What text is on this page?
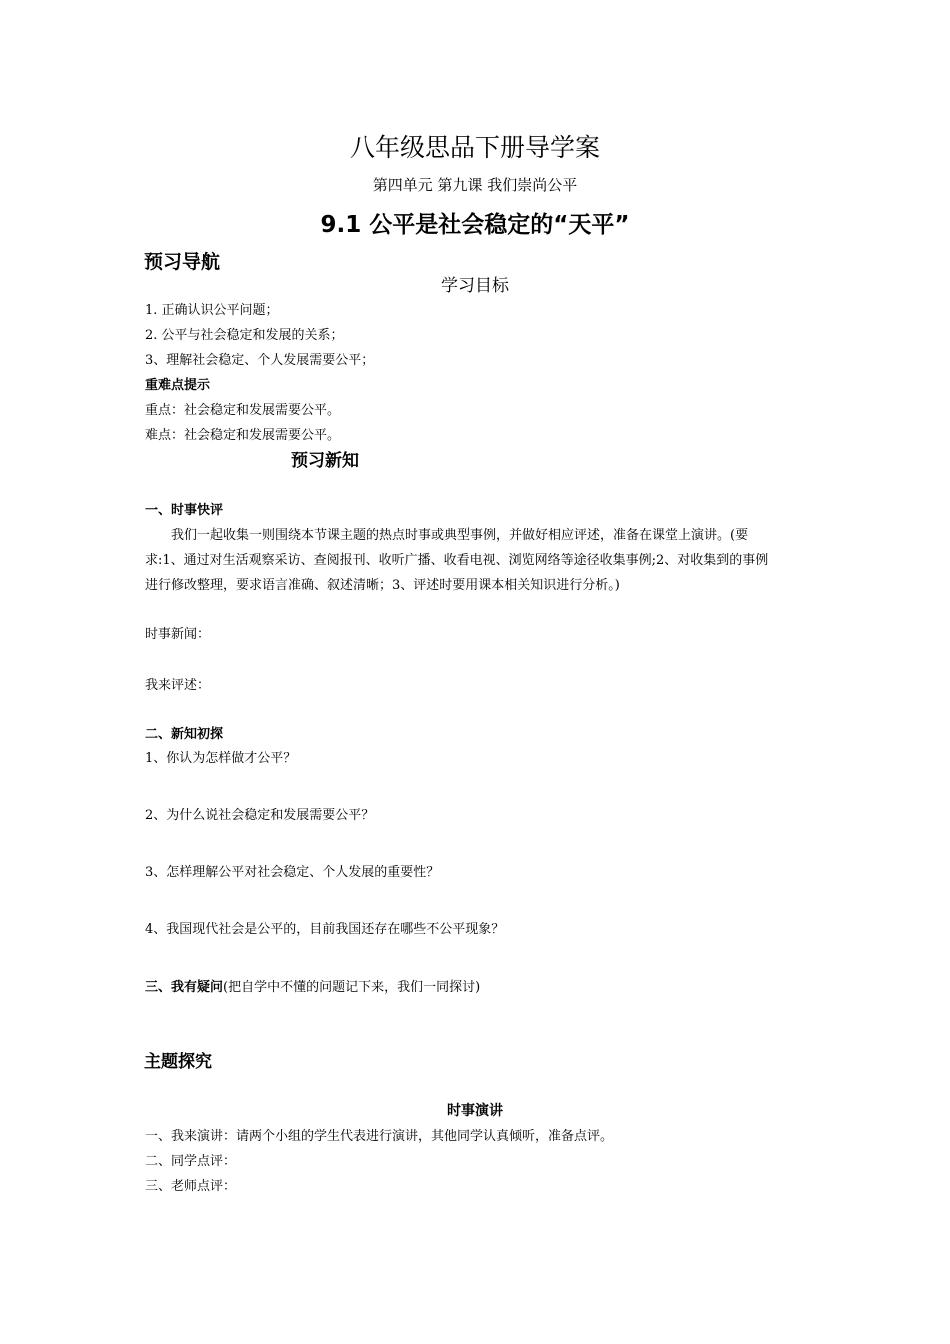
八年级思品下册导学案
第四单元 第九课 我们崇尚公平
9.1 公平是社会稳定的“天平”
预习导航
学习目标
1. 正确认识公平问题；
2. 公平与社会稳定和发展的关系；
3、理解社会稳定、个人发展需要公平；
重难点提示
重点：社会稳定和发展需要公平。
难点：社会稳定和发展需要公平。
预习新知
一、时事快评
我们一起收集一则围绕本节课主题的热点时事或典型事例，并做好相应评述，准备在课堂上演讲。(要
求:1、通过对生活观察采访、查阅报刊、收听广播、收看电视、浏览网络等途径收集事例;2、对收集到的事例
进行修改整理，要求语言准确、叙述清晰；3、评述时要用课本相关知识进行分析。)
时事新闻：
我来评述：
二、新知初探
1、你认为怎样做才公平？
2、为什么说社会稳定和发展需要公平？
3、怎样理解公平对社会稳定、个人发展的重要性？
4、我国现代社会是公平的，目前我国还存在哪些不公平现象？
三、我有疑问(把自学中不懂的问题记下来，我们一同探讨)
主题探究
时事演讲
一、我来演讲：请两个小组的学生代表进行演讲，其他同学认真倾听，准备点评。
二、同学点评：
三、老师点评：
